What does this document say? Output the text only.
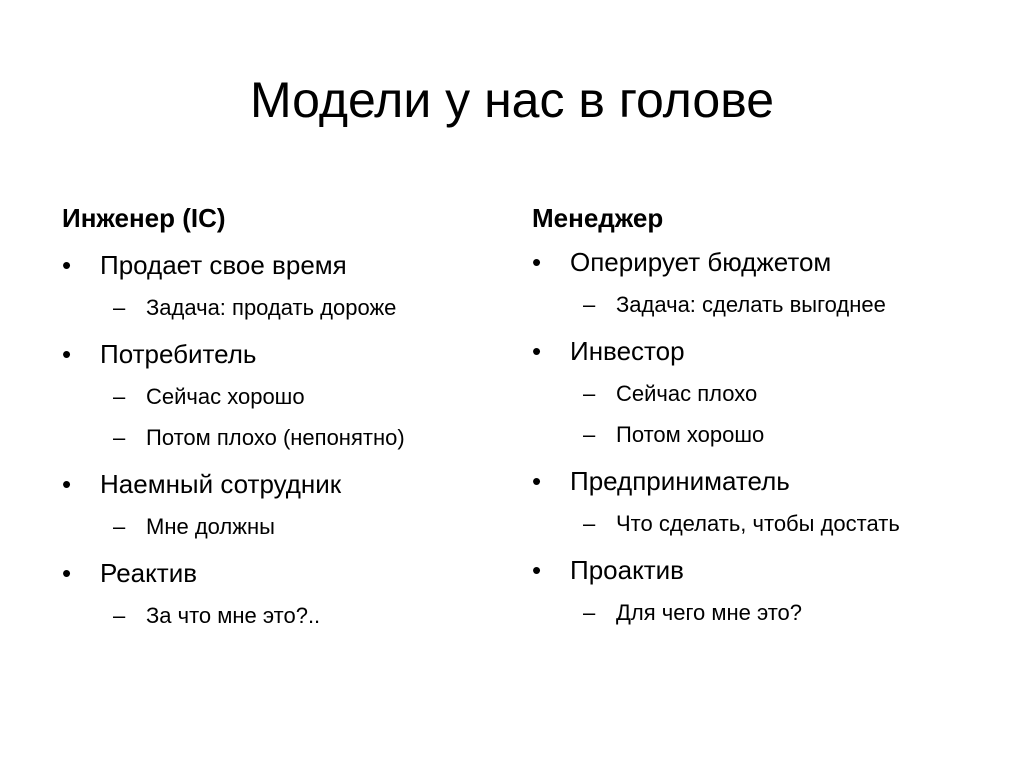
Модели у нас в голове
Инженер (IC)
•	Продает свое время
– Задача: продать дороже
•	Потребитель
– Сейчас хорошо
– Потом плохо (непонятно)
•	Наемный сотрудник
– Мне должны
•	Реактив
– За что мне это?..
Менеджер
•	Оперирует бюджетом
– Задача: сделать выгоднее
•	Инвестор
– Сейчас плохо
– Потом хорошо
•	Предприниматель
– Что сделать, чтобы достать
•	Проактив
– Для чего мне это?
